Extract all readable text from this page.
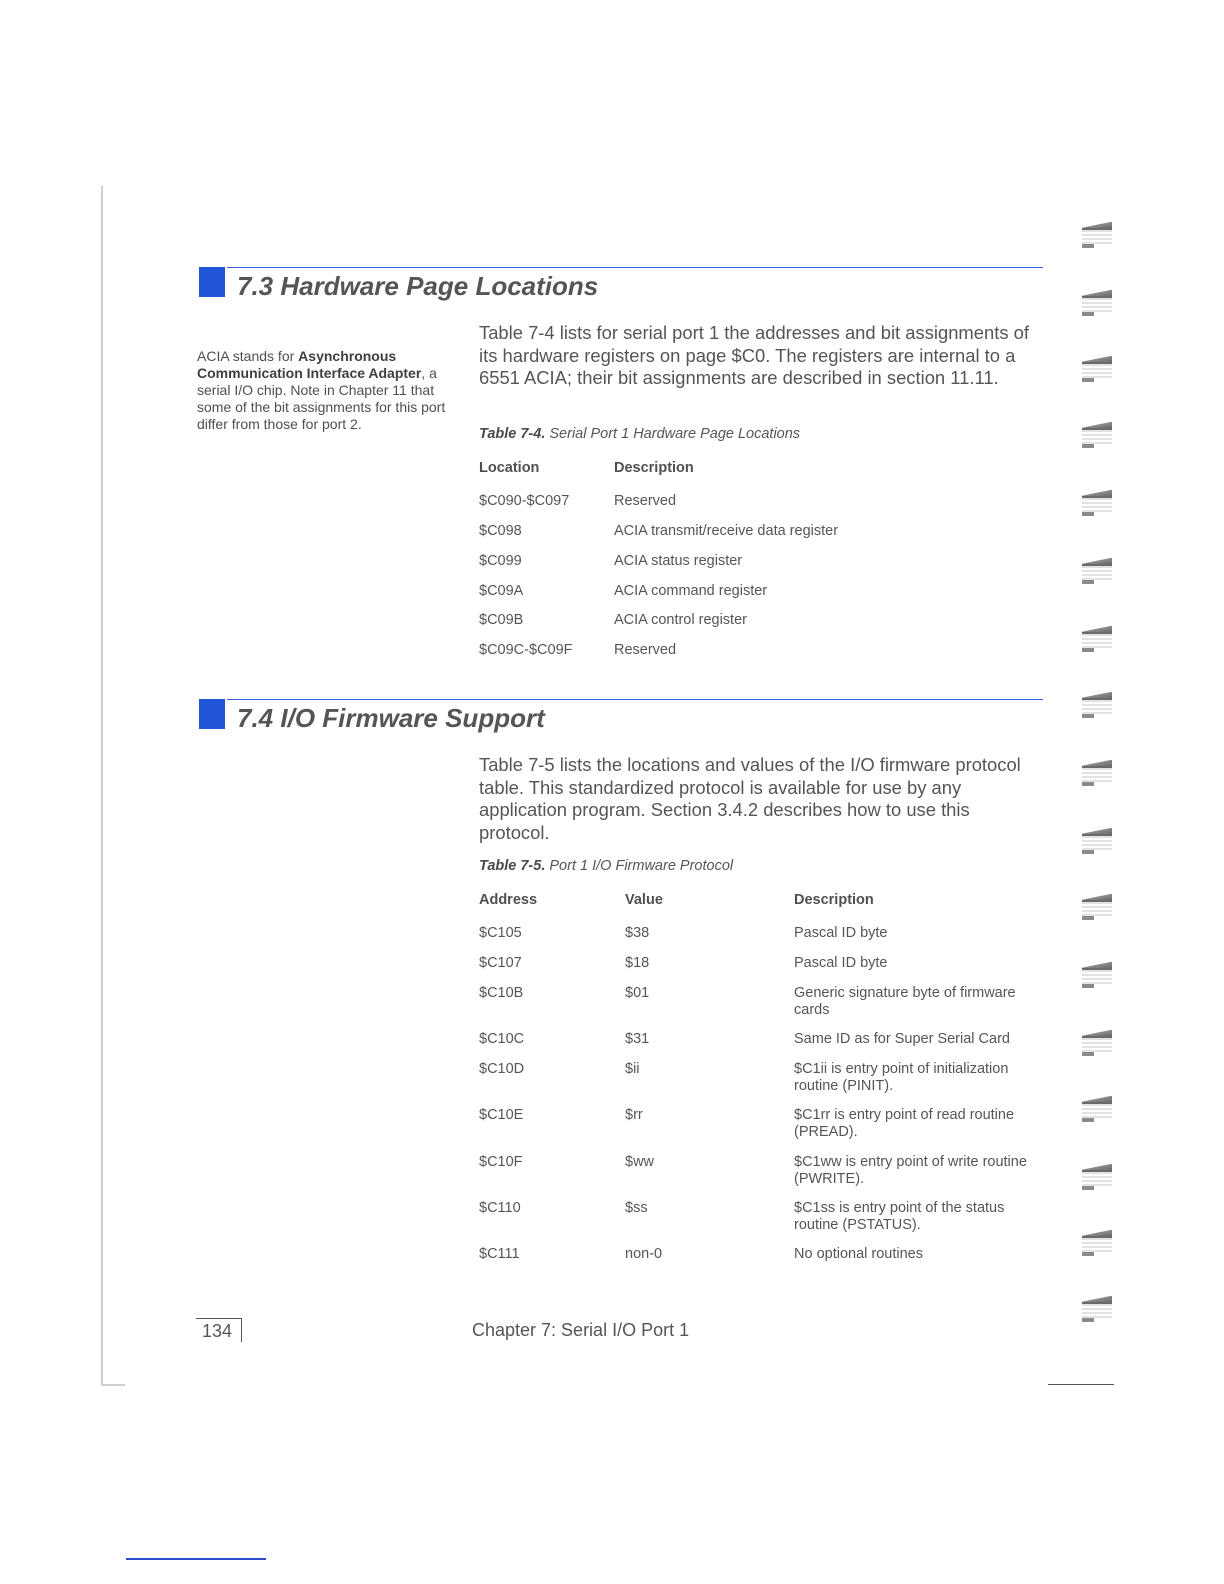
7.3 Hardware Page Locations
ACIA stands for Asynchronous Communication Interface Adapter, a serial I/O chip. Note in Chapter 11 that some of the bit assignments for this port differ from those for port 2.
Table 7-4 lists for serial port 1 the addresses and bit assignments of its hardware registers on page $C0. The registers are internal to a 6551 ACIA; their bit assignments are described in section 11.11.
Table 7-4. Serial Port 1 Hardware Page Locations
Location	Description
$C090-$C097	Reserved
$C098	ACIA transmit/receive data register
$C099	ACIA status register
$C09A	ACIA command register
$C09B	ACIA control register
$C09C-$C09F	Reserved
7.4 I/O Firmware Support
Table 7-5 lists the locations and values of the I/O firmware protocol table. This standardized protocol is available for use by any application program. Section 3.4.2 describes how to use this protocol.
Table 7-5. Port 1 I/O Firmware Protocol
Address	Value	Description
$C105	$38	Pascal ID byte
$C107	$18	Pascal ID byte
$C10B	$01	Generic signature byte of firmware cards
$C10C	$31	Same ID as for Super Serial Card
$C10D	$ii	$C1ii is entry point of initialization routine (PINIT).
$C10E	$rr	$C1rr is entry point of read routine (PREAD).
$C10F	$ww	$C1ww is entry point of write routine (PWRITE).
$C110	$ss	$C1ss is entry point of the status routine (PSTATUS).
$C111	non-0	No optional routines
134	Chapter 7: Serial I/O Port 1
